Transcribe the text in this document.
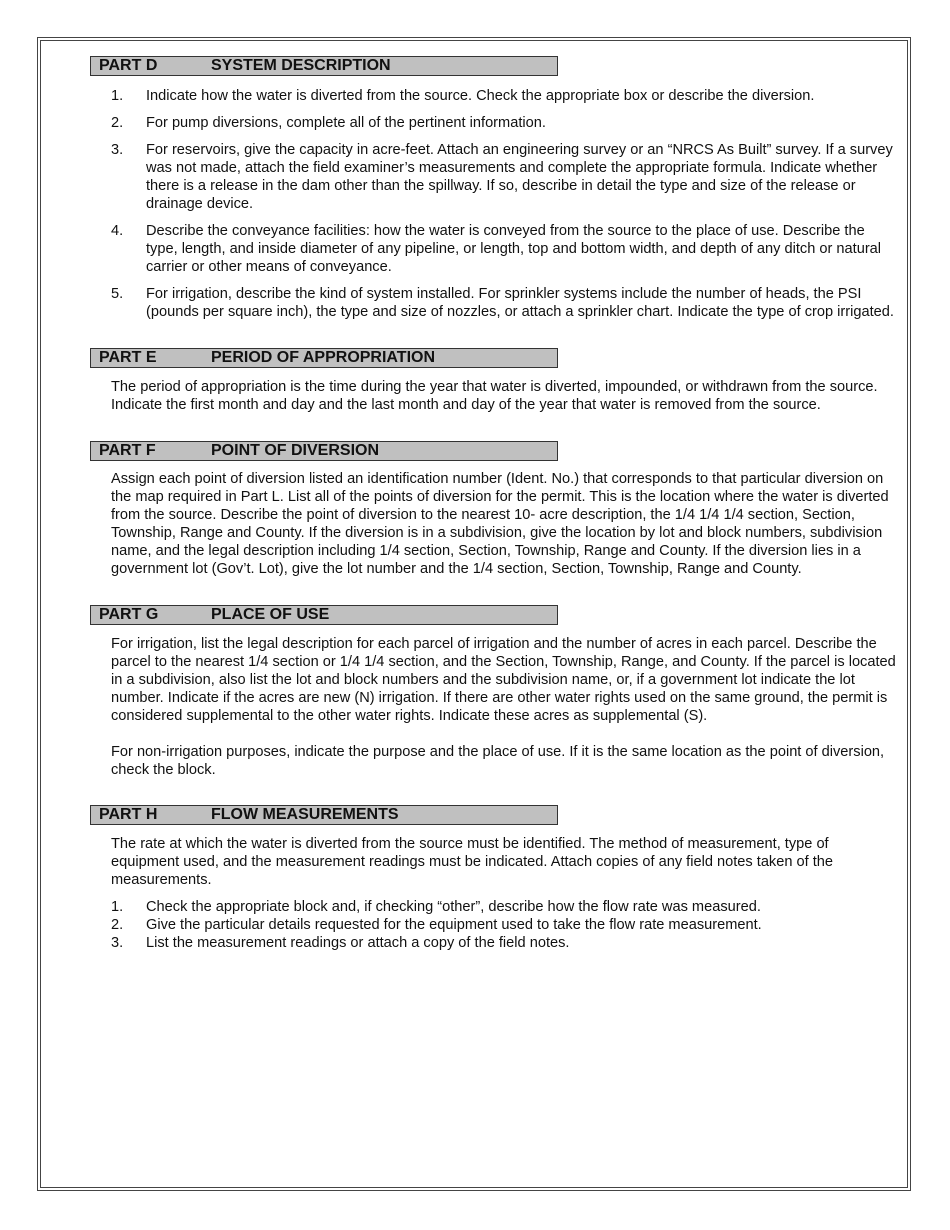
PART D	SYSTEM DESCRIPTION
1. Indicate how the water is diverted from the source. Check the appropriate box or describe the diversion.
2. For pump diversions, complete all of the pertinent information.
3. For reservoirs, give the capacity in acre-feet. Attach an engineering survey or an “NRCS As Built” survey. If a survey was not made, attach the field examiner’s measurements and complete the appropriate formula. Indicate whether there is a release in the dam other than the spillway. If so, describe in detail the type and size of the release or drainage device.
4. Describe the conveyance facilities: how the water is conveyed from the source to the place of use. Describe the type, length, and inside diameter of any pipeline, or length, top and bottom width, and depth of any ditch or natural carrier or other means of conveyance.
5. For irrigation, describe the kind of system installed. For sprinkler systems include the number of heads, the PSI (pounds per square inch), the type and size of nozzles, or attach a sprinkler chart. Indicate the type of crop irrigated.
PART E	PERIOD OF APPROPRIATION

The period of appropriation is the time during the year that water is diverted, impounded, or withdrawn from the source. Indicate the first month and day and the last month and day of the year that water is removed from the source.

PART F	POINT OF DIVERSION

Assign each point of diversion listed an identification number (Ident. No.) that corresponds to that particular diversion on the map required in Part L. List all of the points of diversion for the permit. This is the location where the water is diverted from the source. Describe the point of diversion to the nearest 10- acre description, the 1/4 1/4 1/4 section, Section, Township, Range and County. If the diversion is in a subdivision, give the location by lot and block numbers, subdivision name, and the legal description including 1/4 section, Section, Township, Range and County. If the diversion lies in a government lot (Gov’t. Lot), give the lot number and the 1/4 section, Section, Township, Range and County.

PART G	PLACE OF USE

For irrigation, list the legal description for each parcel of irrigation and the number of acres in each parcel. Describe the parcel to the nearest 1/4 section or 1/4 1/4 section, and the Section, Township, Range, and County. If the parcel is located in a subdivision, also list the lot and block numbers and the subdivision name, or, if a government lot indicate the lot number. Indicate if the acres are new (N) irrigation. If there are other water rights used on the same ground, the permit is considered supplemental to the other water rights. Indicate these acres as supplemental (S).

For non-irrigation purposes, indicate the purpose and the place of use. If it is the same location as the point of diversion, check the block.

PART H	FLOW MEASUREMENTS

The rate at which the water is diverted from the source must be identified. The method of measurement, type of equipment used, and the measurement readings must be indicated. Attach copies of any field notes taken of the measurements.

1. Check the appropriate block and, if checking “other”, describe how the flow rate was measured.
2. Give the particular details requested for the equipment used to take the flow rate measurement.
3. List the measurement readings or attach a copy of the field notes.
